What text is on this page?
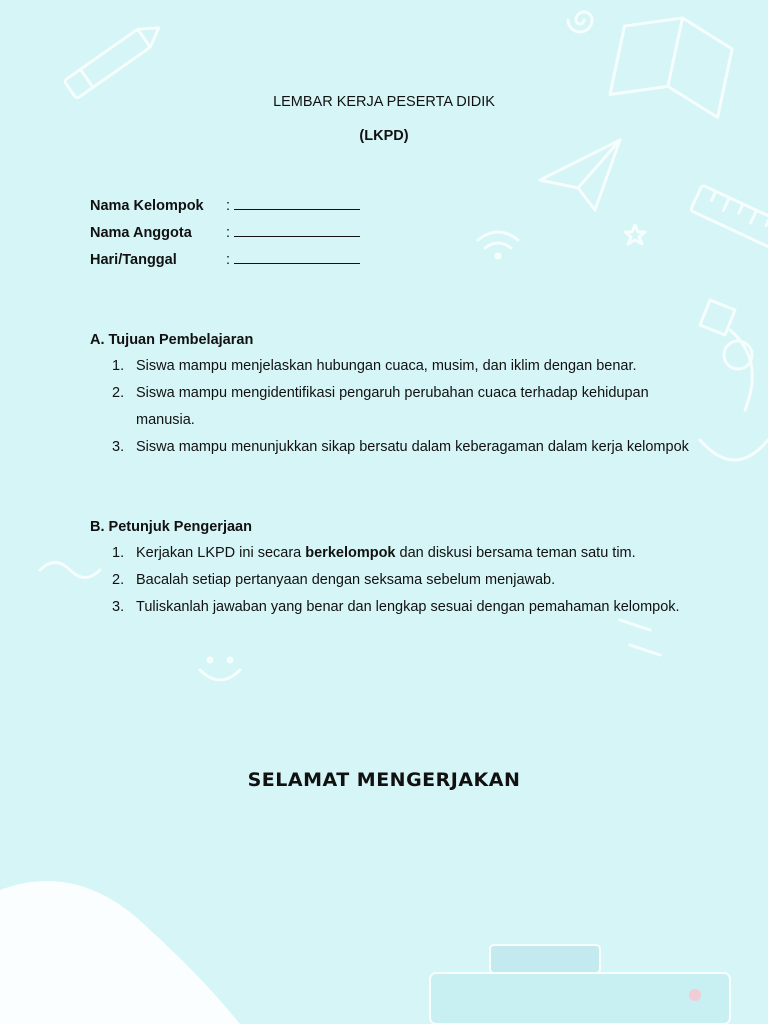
LEMBAR KERJA PESERTA DIDIK
(LKPD)
Nama Kelompok :
Nama Anggota :
Hari/Tanggal	:
A. Tujuan Pembelajaran
1. Siswa mampu menjelaskan hubungan cuaca, musim, dan iklim dengan benar.
2. Siswa mampu mengidentifikasi pengaruh perubahan cuaca terhadap kehidupan manusia.
3. Siswa mampu menunjukkan sikap bersatu dalam keberagaman dalam kerja kelompok
B. Petunjuk Pengerjaan
1. Kerjakan LKPD ini secara berkelompok dan diskusi bersama teman satu tim.
2. Bacalah setiap pertanyaan dengan seksama sebelum menjawab.
3. Tuliskanlah jawaban yang benar dan lengkap sesuai dengan pemahaman kelompok.
SELAMAT MENGERJAKAN
